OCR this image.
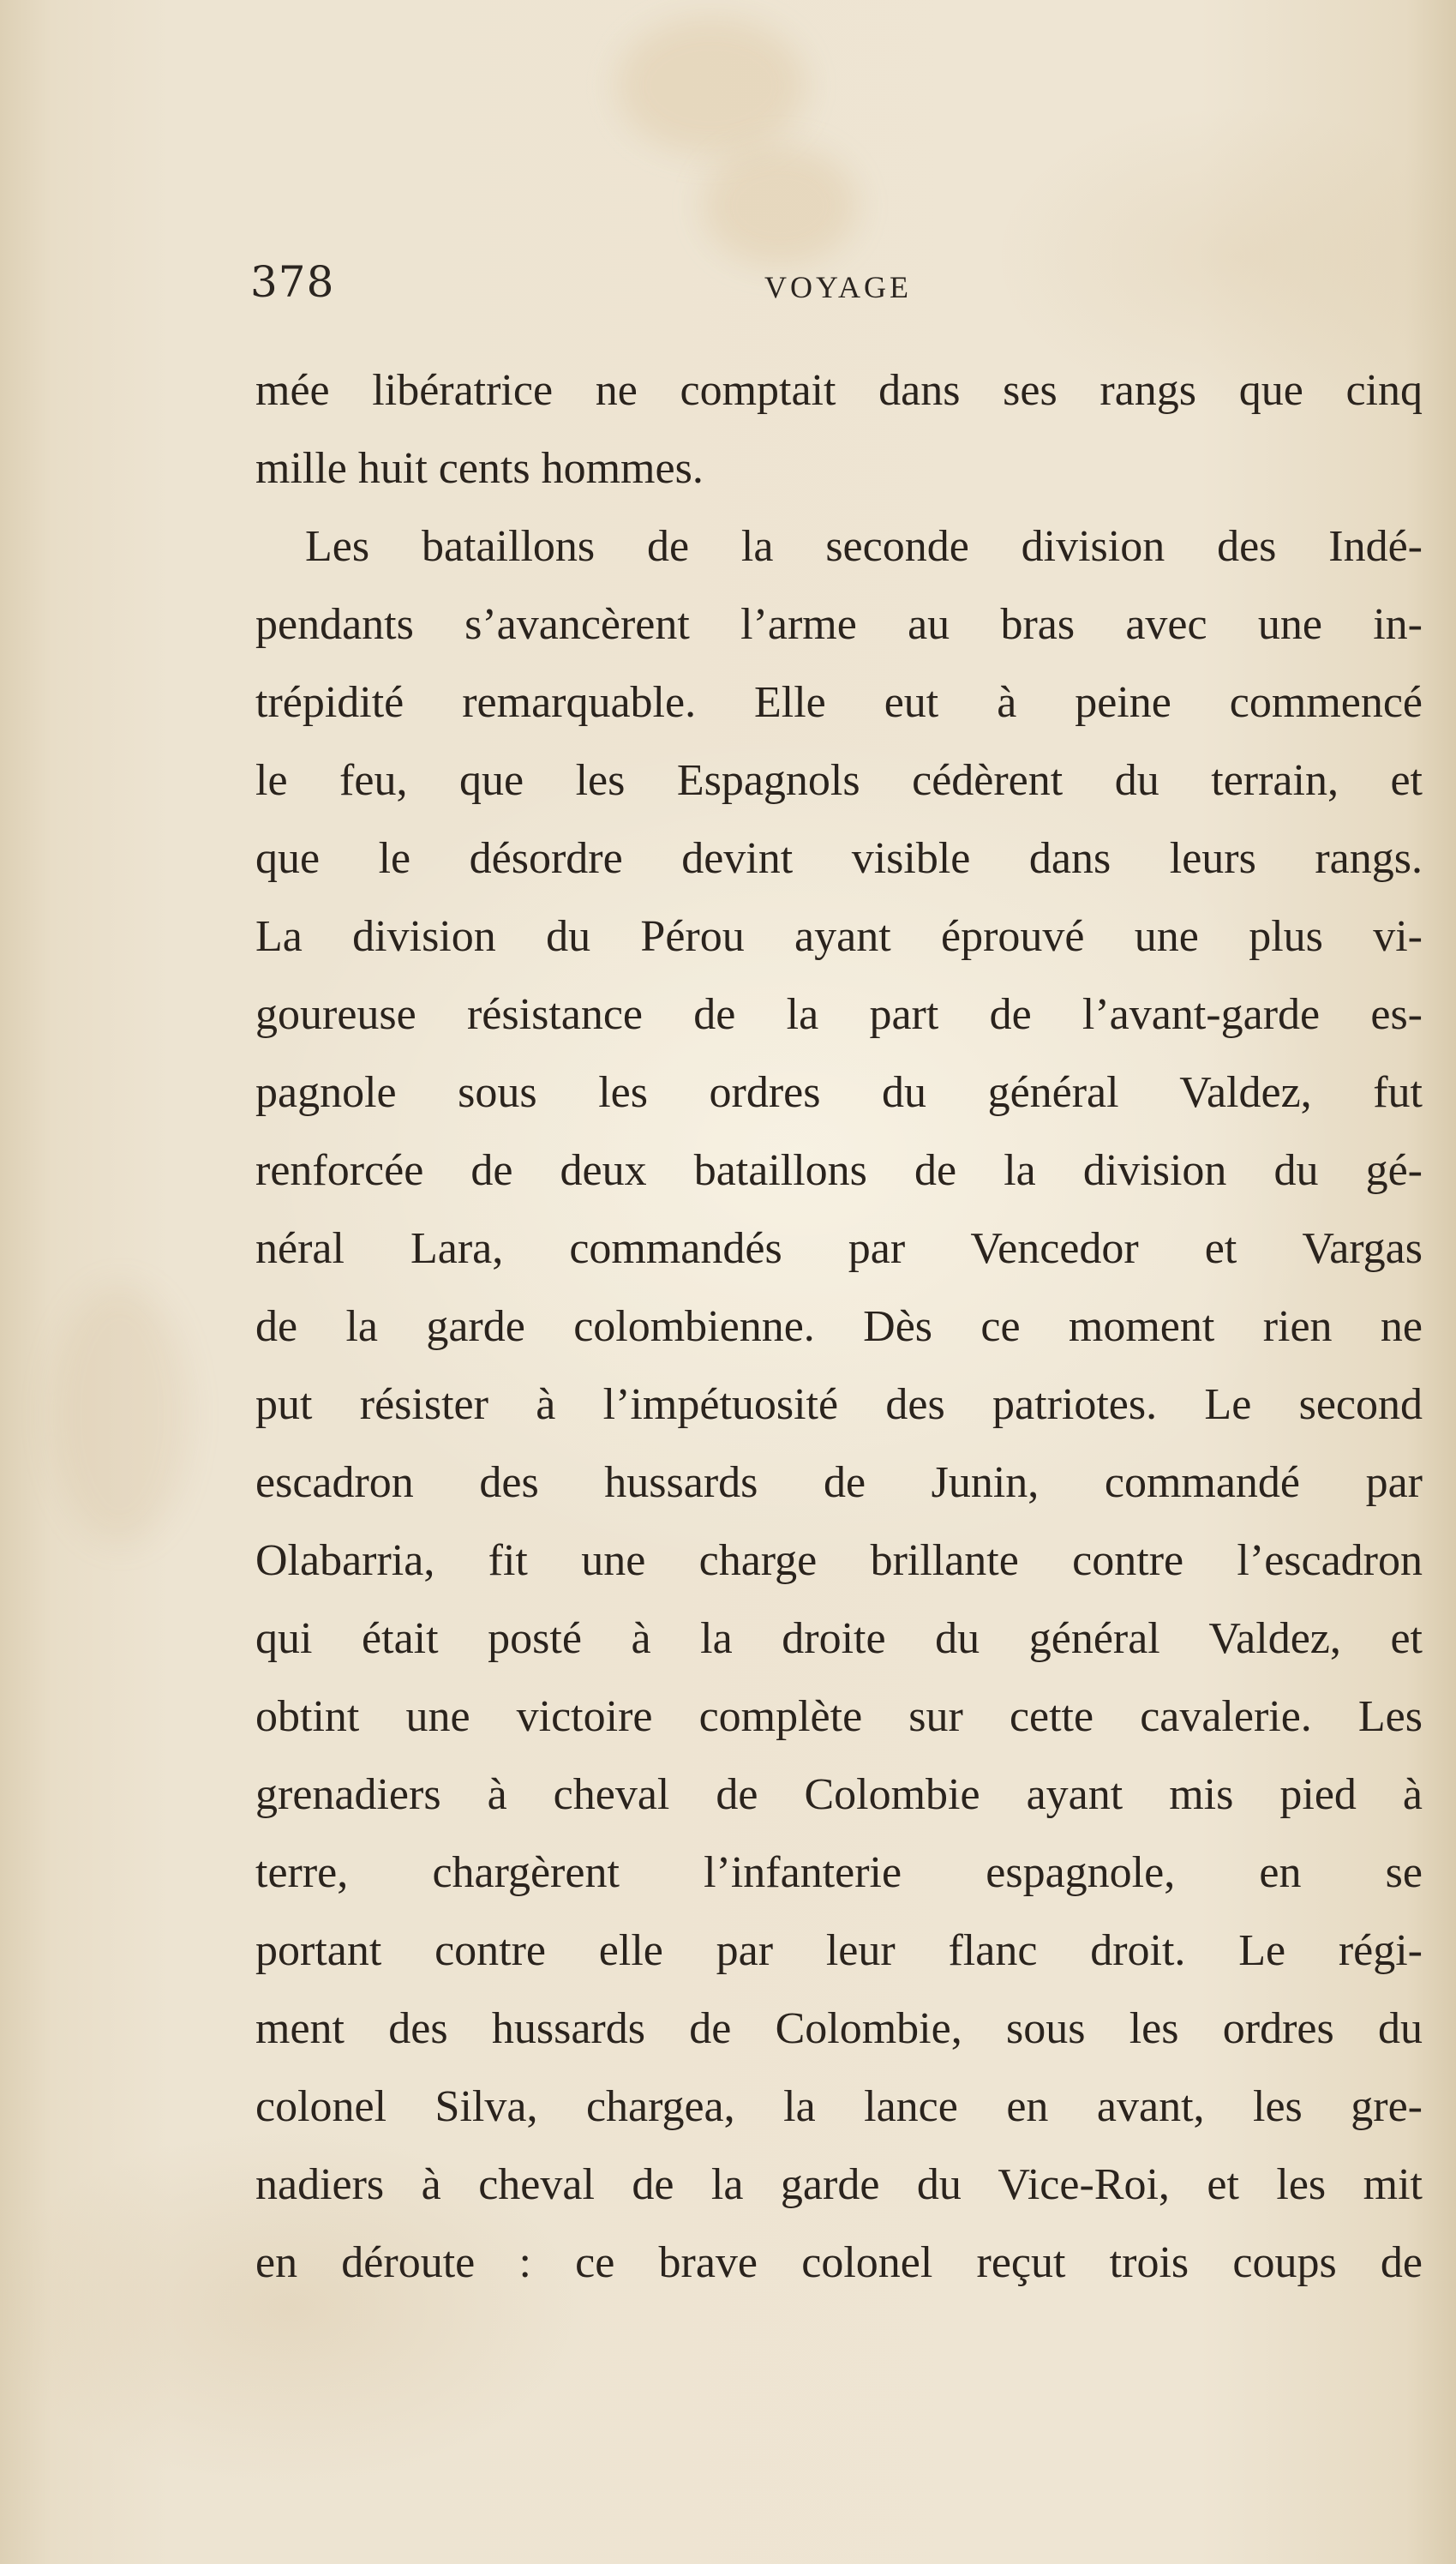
378	VOYAGE
mée libératrice ne comptait dans ses rangs que cinq
mille huit cents hommes.
Les bataillons de la seconde division des Indé-
pendants s’avancèrent l’arme au bras avec une in-
trépidité remarquable. Elle eut à peine commencé
le feu, que les Espagnols cédèrent du terrain, et
que le désordre devint visible dans leurs rangs.
La division du Pérou ayant éprouvé une plus vi-
goureuse résistance de la part de l’avant-garde es-
pagnole sous les ordres du général Valdez, fut
renforcée de deux bataillons de la division du gé-
néral Lara, commandés par Vencedor et Vargas
de la garde colombienne. Dès ce moment rien ne
put résister à l’impétuosité des patriotes. Le second
escadron des hussards de Junin, commandé par
Olabarria, fit une charge brillante contre l’escadron
qui était posté à la droite du général Valdez, et
obtint une victoire complète sur cette cavalerie. Les
grenadiers à cheval de Colombie ayant mis pied à
terre, chargèrent l’infanterie espagnole, en se
portant contre elle par leur flanc droit. Le régi-
ment des hussards de Colombie, sous les ordres du
colonel Silva, chargea, la lance en avant, les gre-
nadiers à cheval de la garde du Vice-Roi, et les mit
en déroute : ce brave colonel reçut trois coups de
